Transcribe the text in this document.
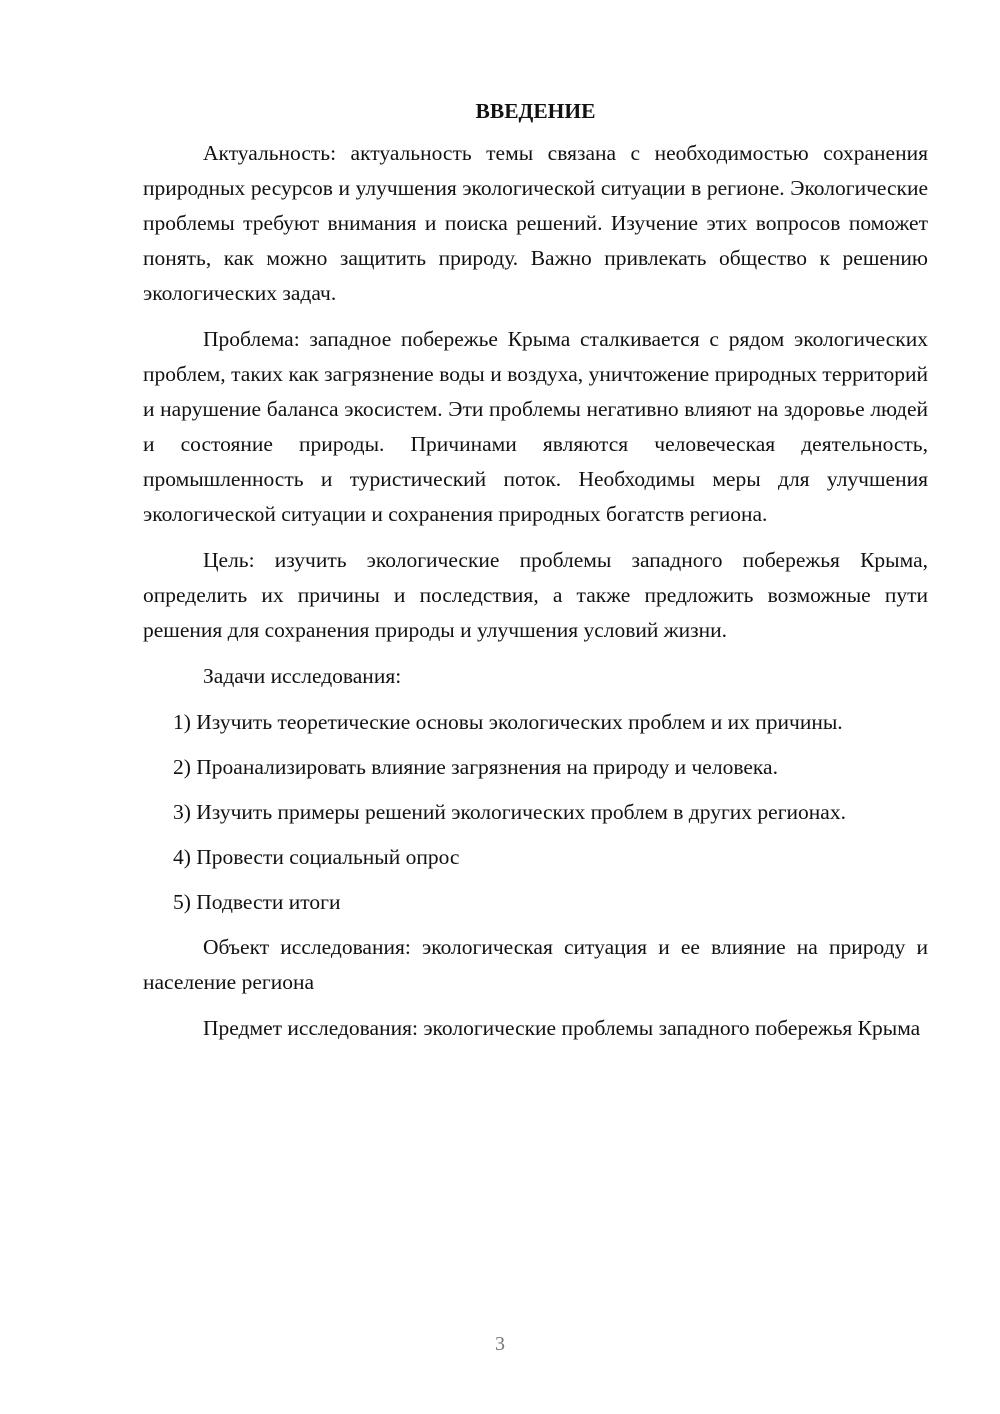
ВВЕДЕНИЕ

Актуальность: актуальность темы связана с необходимостью сохранения природных ресурсов и улучшения экологической ситуации в регионе. Экологические проблемы требуют внимания и поиска решений. Изучение этих вопросов поможет понять, как можно защитить природу. Важно привлекать общество к решению экологических задач.

Проблема: западное побережье Крыма сталкивается с рядом экологических проблем, таких как загрязнение воды и воздуха, уничтожение природных территорий и нарушение баланса экосистем. Эти проблемы негативно влияют на здоровье людей и состояние природы. Причинами являются человеческая деятельность, промышленность и туристический поток. Необходимы меры для улучшения экологической ситуации и сохранения природных богатств региона.

Цель: изучить экологические проблемы западного побережья Крыма, определить их причины и последствия, а также предложить возможные пути решения для сохранения природы и улучшения условий жизни.

Задачи исследования:

1) Изучить теоретические основы экологических проблем и их причины.

2) Проанализировать влияние загрязнения на природу и человека.

3) Изучить примеры решений экологических проблем в других регионах.

4) Провести социальный опрос

5) Подвести итоги

Объект исследования: экологическая ситуация и ее влияние на природу и население региона

Предмет исследования: экологические проблемы западного побережья Крыма

3
